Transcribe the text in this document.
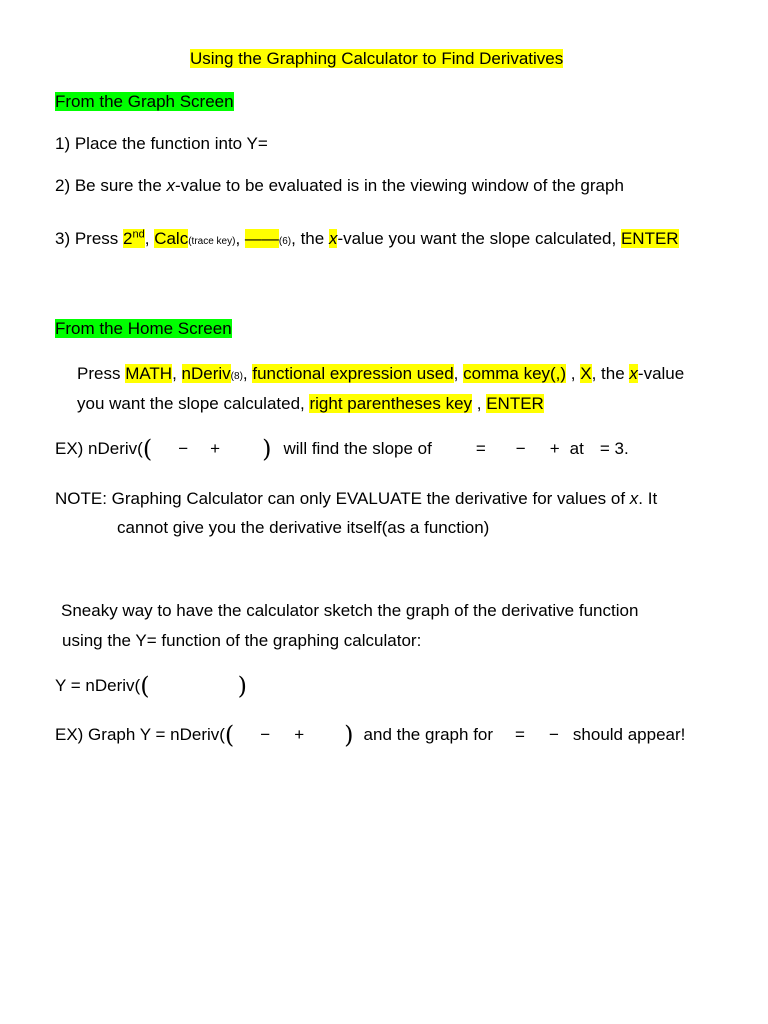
Using the Graphing Calculator to Find Derivatives
From the Graph Screen
1) Place the function into Y=
2) Be sure the x-value to be evaluated is in the viewing window of the graph
3) Press 2nd, Calc(trace key), ——(6), the x-value you want the slope calculated, ENTER
From the Home Screen
Press MATH, nDeriv(8), functional expression used, comma key(,) , X, the x-value
you want the slope calculated, right parentheses key , ENTER
EX) nDeriv(( − + ) will find the slope of	= − + at = 3.
NOTE: Graphing Calculator can only EVALUATE the derivative for values of x. It
cannot give you the derivative itself(as a function)
Sneaky way to have the calculator sketch the graph of the derivative function
using the Y= function of the graphing calculator:
Y = nDeriv((	)
EX) Graph Y = nDeriv(( − + ) and the graph for = − should appear!
